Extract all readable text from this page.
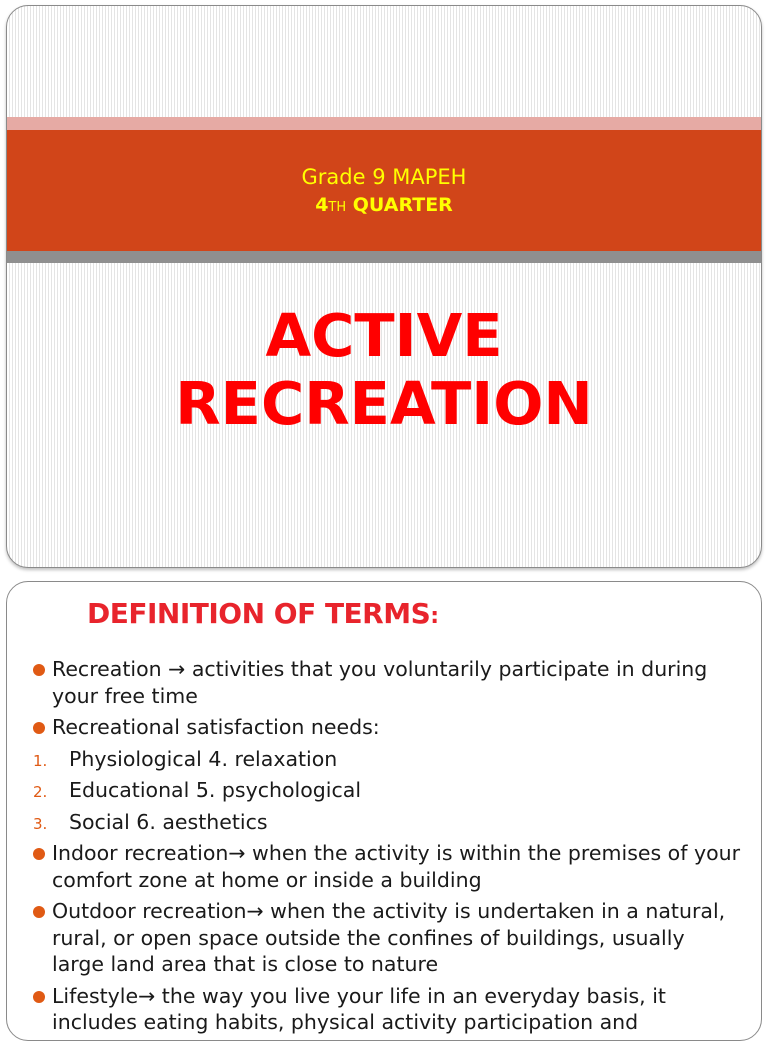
Grade 9 MAPEH
4TH QUARTER
ACTIVE
RECREATION
DEFINITION OF TERMS:
Recreation → activities that you voluntarily participate in during your free time
Recreational satisfaction needs:
1. Physiological 4. relaxation
2. Educational 5. psychological
3. Social 6. aesthetics
Indoor recreation→ when the activity is within the premises of your comfort zone at home or inside a building
Outdoor recreation→ when the activity is undertaken in a natural, rural, or open space outside the confines of buildings, usually large land area that is close to nature
Lifestyle→ the way you live your life in an everyday basis, it includes eating habits, physical activity participation and
